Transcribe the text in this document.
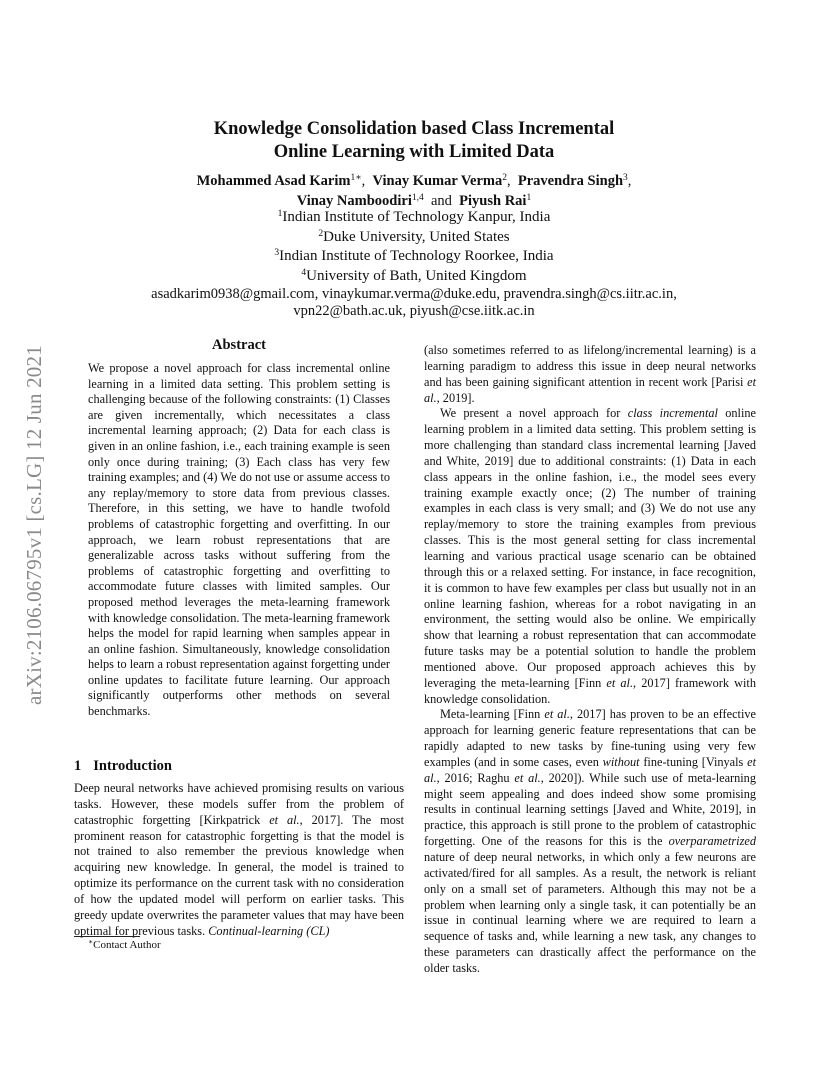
arXiv:2106.06795v1 [cs.LG] 12 Jun 2021
Knowledge Consolidation based Class Incremental
Online Learning with Limited Data
Mohammed Asad Karim$^{1∗}$,  Vinay Kumar Verma$^2$,  Pravendra Singh$^3$,
Vinay Namboodiri$^{1,4}$ and Piyush Rai$^1$
$^1$Indian Institute of Technology Kanpur, India
$^2$Duke University, United States
$^3$Indian Institute of Technology Roorkee, India
$^4$University of Bath, United Kingdom
asadkarim0938@gmail.com, vinaykumar.verma@duke.edu, pravendra.singh@cs.iitr.ac.in,
vpn22@bath.ac.uk, piyush@cse.iitk.ac.in
Abstract

We propose a novel approach for class incremental online learning in a limited data setting. This problem setting is challenging because of the following constraints: (1) Classes are given incrementally, which necessitates a class incremental learning approach; (2) Data for each class is given in an online fashion, i.e., each training example is seen only once during training; (3) Each class has very few training examples; and (4) We do not use or assume access to any replay/memory to store data from previous classes. Therefore, in this setting, we have to handle twofold problems of catastrophic forgetting and overfitting. In our approach, we learn robust representations that are generalizable across tasks without suffering from the problems of catastrophic forgetting and overfitting to accommodate future classes with limited samples. Our proposed method leverages the meta-learning framework with knowledge consolidation. The meta-learning framework helps the model for rapid learning when samples appear in an online fashion. Simultaneously, knowledge consolidation helps to learn a robust representation against forgetting under online updates to facilitate future learning. Our approach significantly outperforms other methods on several benchmarks.

1 Introduction

Deep neural networks have achieved promising results on various tasks. However, these models suffer from the problem of catastrophic forgetting [Kirkpatrick et al., 2017]. The most prominent reason for catastrophic forgetting is that the model is not trained to also remember the previous knowledge when acquiring new knowledge. In general, the model is trained to optimize its performance on the current task with no consideration of how the updated model will perform on earlier tasks. This greedy update overwrites the parameter values that may have been optimal for previous tasks. Continual-learning (CL)

∗Contact Author

(also sometimes referred to as lifelong/incremental learning) is a learning paradigm to address this issue in deep neural networks and has been gaining significant attention in recent work [Parisi et al., 2019].

We present a novel approach for class incremental online learning problem in a limited data setting. This problem setting is more challenging than standard class incremental learning [Javed and White, 2019] due to additional constraints: (1) Data in each class appears in the online fashion, i.e., the model sees every training example exactly once; (2) The number of training examples in each class is very small; and (3) We do not use any replay/memory to store the training examples from previous classes. This is the most general setting for class incremental learning and various practical usage scenario can be obtained through this or a relaxed setting. For instance, in face recognition, it is common to have few examples per class but usually not in an online learning fashion, whereas for a robot navigating in an environment, the setting would also be online. We empirically show that learning a robust representation that can accommodate future tasks may be a potential solution to handle the problem mentioned above. Our proposed approach achieves this by leveraging the meta-learning [Finn et al., 2017] framework with knowledge consolidation.

Meta-learning [Finn et al., 2017] has proven to be an effective approach for learning generic feature representations that can be rapidly adapted to new tasks by fine-tuning using very few examples (and in some cases, even without fine-tuning [Vinyals et al., 2016; Raghu et al., 2020]). While such use of meta-learning might seem appealing and does indeed show some promising results in continual learning settings [Javed and White, 2019], in practice, this approach is still prone to the problem of catastrophic forgetting. One of the reasons for this is the overparametrized nature of deep neural networks, in which only a few neurons are activated/fired for all samples. As a result, the network is reliant only on a small set of parameters. Although this may not be a problem when learning only a single task, it can potentially be an issue in continual learning where we are required to learn a sequence of tasks and, while learning a new task, any changes to these parameters can drastically affect the performance on the older tasks.
